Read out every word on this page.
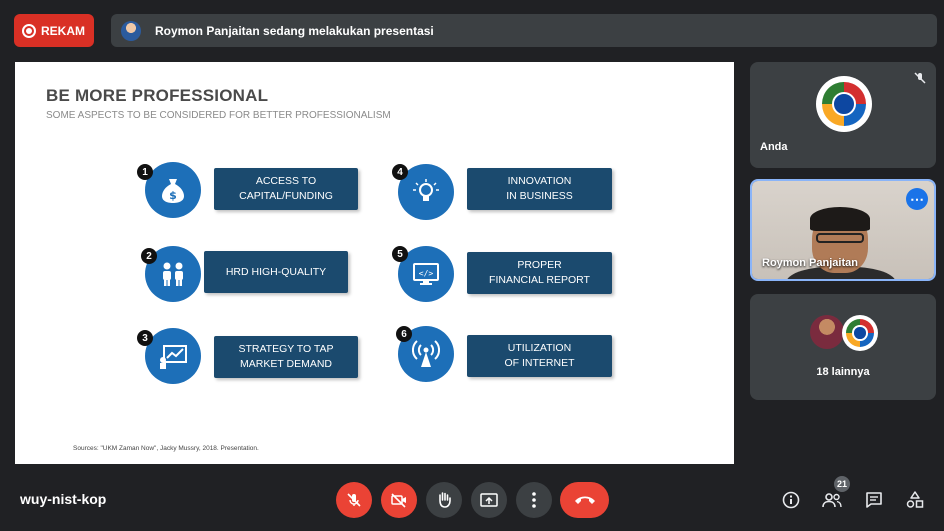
REKAM	Roymon Panjaitan sedang melakukan presentasi
BE MORE PROFESSIONAL
SOME ASPECTS TO BE CONSIDERED FOR BETTER PROFESSIONALISM
$
1
ACCESS TO
CAPITAL/FUNDING
2
HRD HIGH-QUALITY
3
STRATEGY TO TAP
MARKET DEMAND
4
INNOVATION
IN BUSINESS
</>
5
PROPER
FINANCIAL REPORT
6
UTILIZATION
OF INTERNET
Sources: "UKM Zaman Now", Jacky Mussry, 2018. Presentation.
Anda
⋯
Roymon Panjaitan
18 lainnya
wuy-nist-kop
21
